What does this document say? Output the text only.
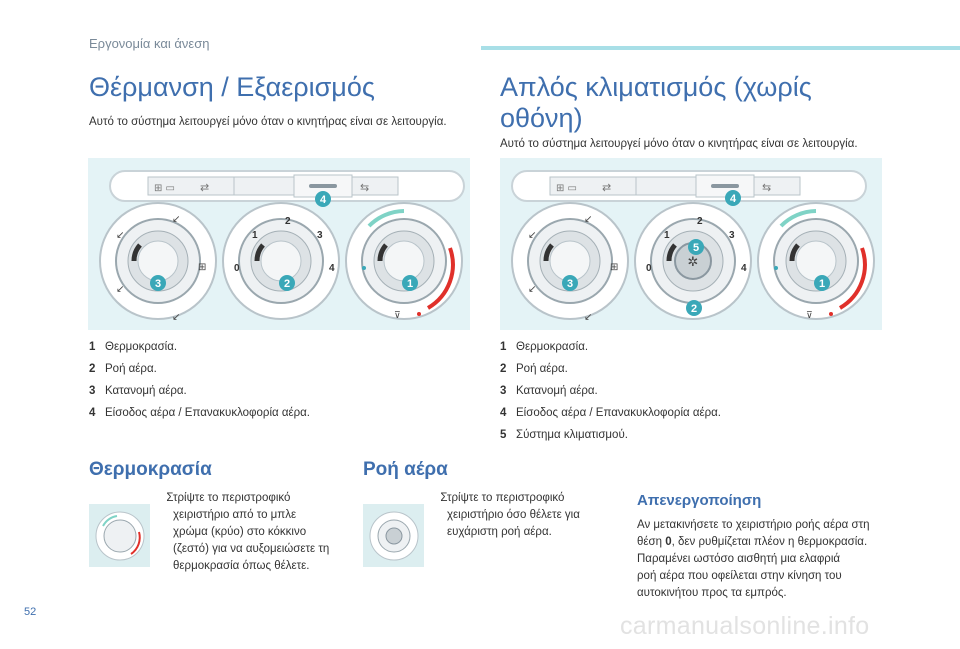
Εργονομία και άνεση
Θέρμανση / Εξαερισμός
Αυτό το σύστημα λειτουργεί μόνο όταν ο κινητήρας είναι σε λειτουργία.
Απλός κλιματισμός (χωρίς
οθόνη)
Αυτό το σύστημα λειτουργεί μόνο όταν ο κινητήρας είναι σε λειτουργία.
⊞ ▭ ⇄	⇆
4
↙
↙
↙
↙
⊞
3
0
1
2
3
4
2
⊽
1
⊞ ▭ ⇄	⇆
4
↙
↙
↙
↙
⊞
3
✲
0
1
2
3
4
5
2
⊽
1
1 Θερμοκρασία.
2 Ροή αέρα.
3 Κατανομή αέρα.
4 Είσοδος αέρα / Επανακυκλοφορία αέρα.
1 Θερμοκρασία.
2 Ροή αέρα.
3 Κατανομή αέρα.
4 Είσοδος αέρα / Επανακυκλοφορία αέρα.
5 Σύστημα κλιματισμού.
Θερμοκρασία
Στρίψτε το περιστροφικό
χειριστήριο από το μπλε
χρώμα (κρύο) στο κόκκινο
(ζεστό) για να αυξομειώσετε τη
θερμοκρασία όπως θέλετε.
Ροή αέρα
Στρίψτε το περιστροφικό
χειριστήριο όσο θέλετε για
ευχάριστη ροή αέρα.
Απενεργοποίηση
Αν μετακινήσετε το χειριστήριο ροής αέρα στη
θέση 0, δεν ρυθμίζεται πλέον η θερμοκρασία.
Παραμένει ωστόσο αισθητή μια ελαφριά
ροή αέρα που οφείλεται στην κίνηση του
αυτοκινήτου προς τα εμπρός.
52	carmanualsonline.info
